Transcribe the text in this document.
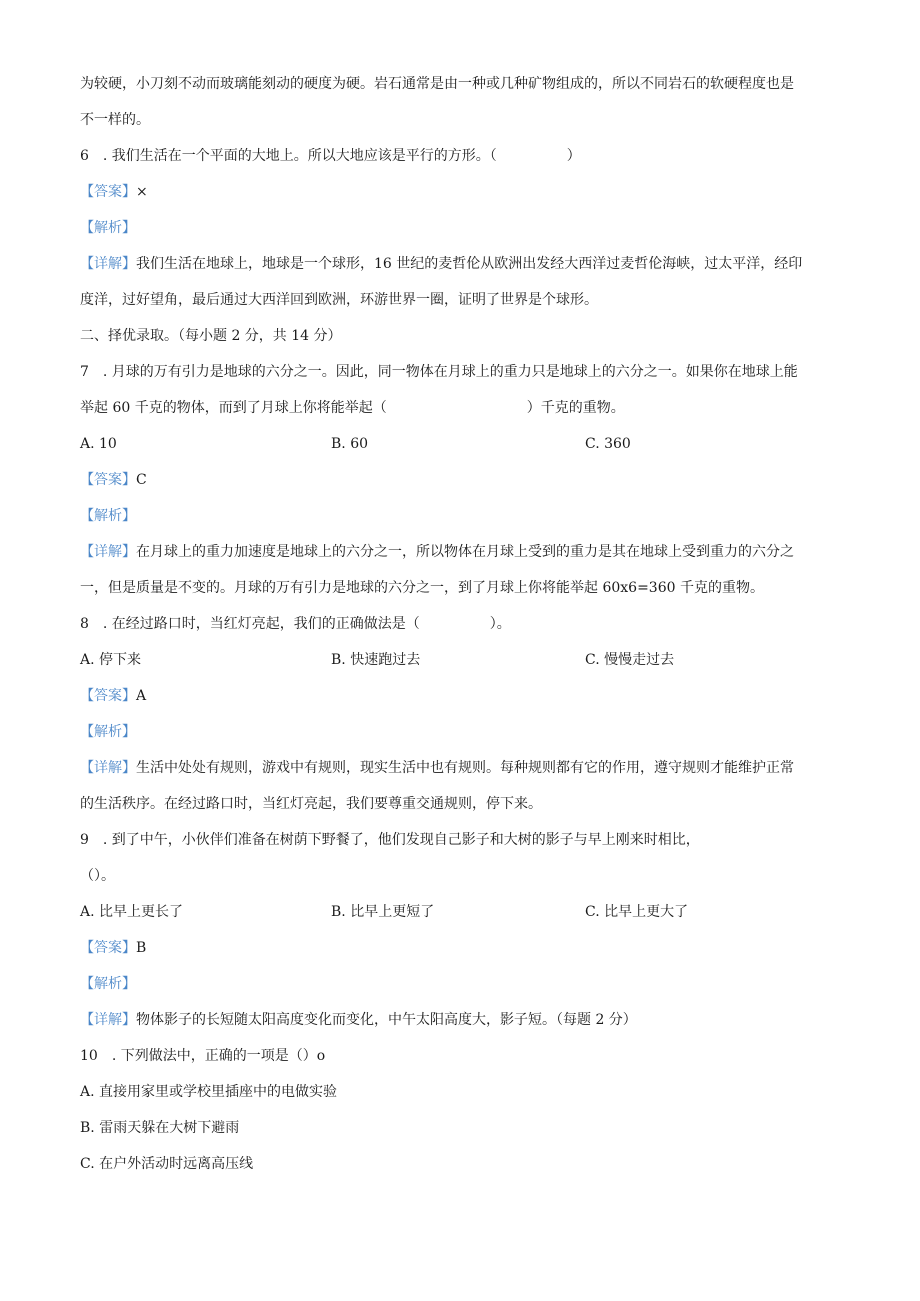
为较硬，小刀刻不动而玻璃能刻动的硬度为硬。岩石通常是由一种或几种矿物组成的，所以不同岩石的软硬程度也是
不一样的。
6　. 我们生活在一个平面的大地上。所以大地应该是平行的方形。（　　　　　）
【答案】×
【解析】
【详解】我们生活在地球上，地球是一个球形，16 世纪的麦哲伦从欧洲出发经大西洋过麦哲伦海峡，过太平洋，经印
度洋，过好望角，最后通过大西洋回到欧洲，环游世界一圈，证明了世界是个球形。
二、择优录取。（每小题 2 分，共 14 分）
7　. 月球的万有引力是地球的六分之一。因此，同一物体在月球上的重力只是地球上的六分之一。如果你在地球上能
举起 60 千克的物体，而到了月球上你将能举起（　　　　　　　　　　）千克的重物。
A. 10	B. 60	C. 360
【答案】C
【解析】
【详解】在月球上的重力加速度是地球上的六分之一，所以物体在月球上受到的重力是其在地球上受到重力的六分之
一，但是质量是不变的。月球的万有引力是地球的六分之一，到了月球上你将能举起 60x6=360 千克的重物。
8　. 在经过路口时，当红灯亮起，我们的正确做法是（　　　　　）。
A. 停下来	B. 快速跑过去	C. 慢慢走过去
【答案】A
【解析】
【详解】生活中处处有规则，游戏中有规则，现实生活中也有规则。每种规则都有它的作用，遵守规则才能维护正常
的生活秩序。在经过路口时，当红灯亮起，我们要尊重交通规则，停下来。
9　. 到了中午，小伙伴们准备在树荫下野餐了，他们发现自己影子和大树的影子与早上刚来时相比，
（）。
A. 比早上更长了	B. 比早上更短了	C. 比早上更大了
【答案】B
【解析】
【详解】物体影子的长短随太阳高度变化而变化，中午太阳高度大，影子短。（每题 2 分）
10　. 下列做法中，正确的一项是（）o
A. 直接用家里或学校里插座中的电做实验
B. 雷雨天躲在大树下避雨
C. 在户外活动时远离高压线
